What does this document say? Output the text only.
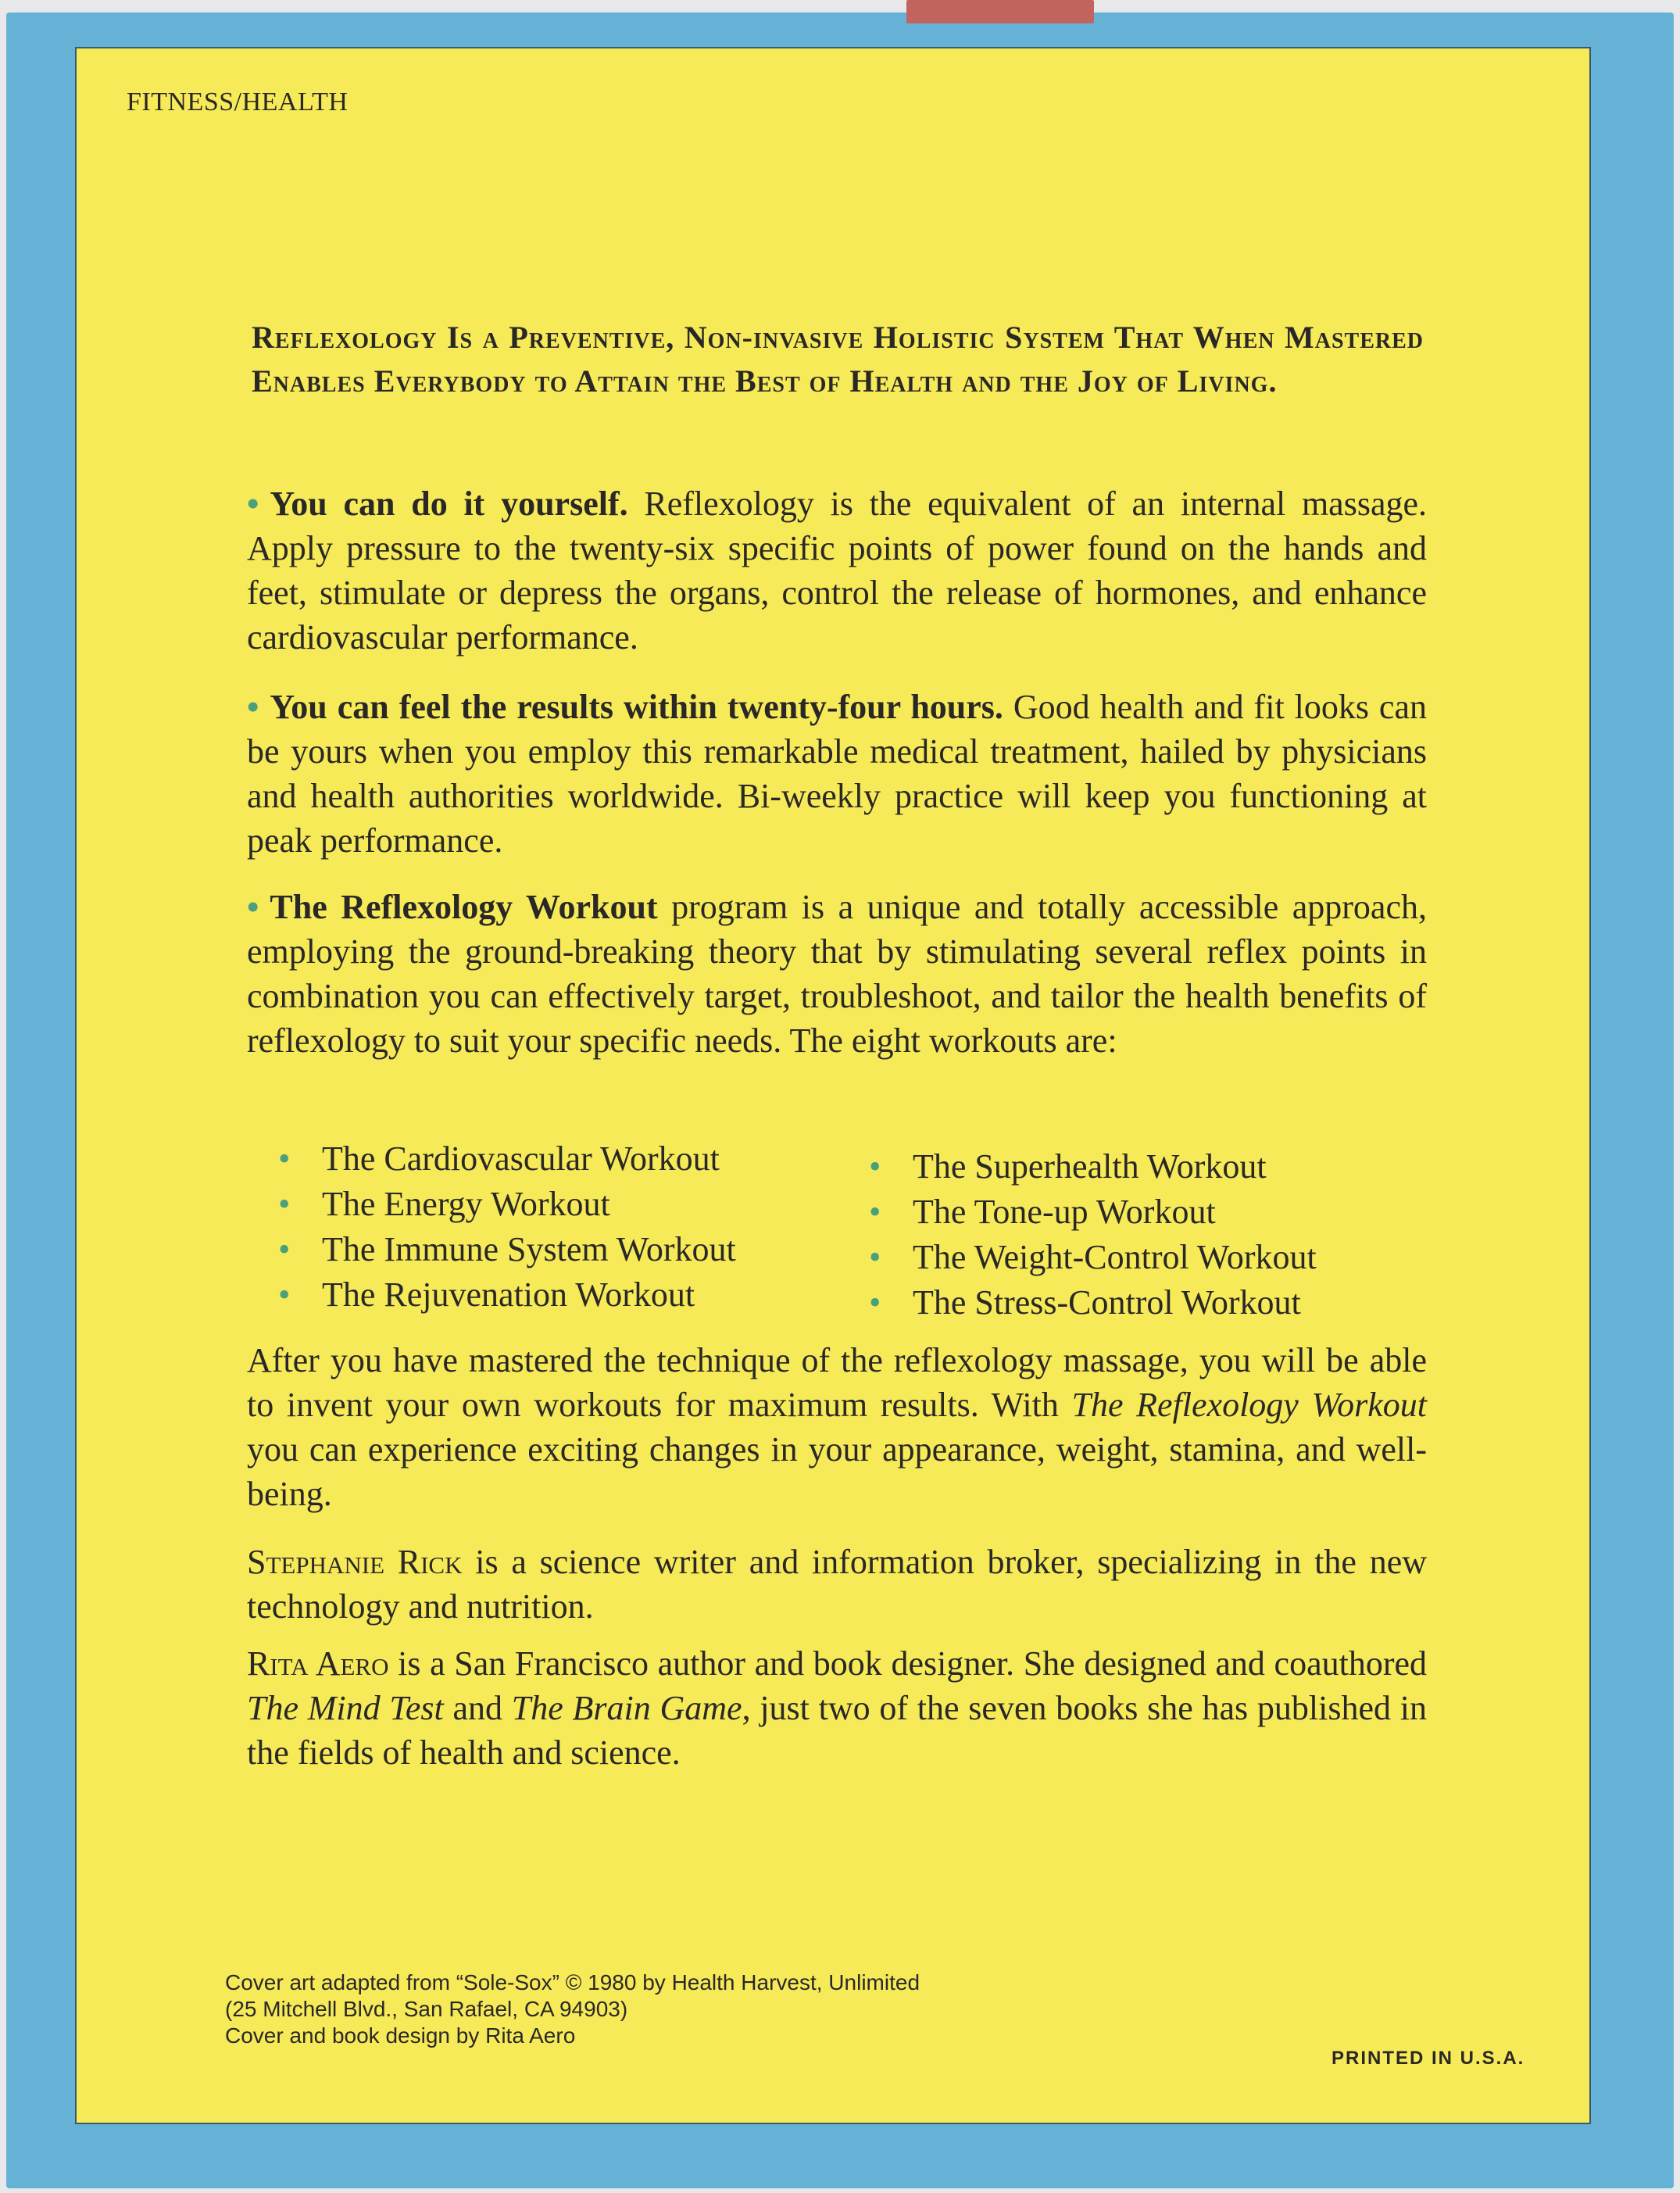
FITNESS/HEALTH

Reflexology Is a Preventive, Non-invasive Holistic System That When Mastered Enables Everybody to Attain the Best of Health and the Joy of Living.

• You can do it yourself. Reflexology is the equivalent of an internal massage. Apply pressure to the twenty-six specific points of power found on the hands and feet, stimulate or depress the organs, control the release of hormones, and enhance cardiovascular performance.

• You can feel the results within twenty-four hours. Good health and fit looks can be yours when you employ this remarkable medical treatment, hailed by physicians and health authorities worldwide. Bi-weekly practice will keep you functioning at peak performance.

• The Reflexology Workout program is a unique and totally accessible approach, employing the ground-breaking theory that by stimulating several reflex points in combination you can effectively target, troubleshoot, and tailor the health benefits of reflexology to suit your specific needs. The eight workouts are:

• The Cardiovascular Workout
• The Energy Workout
• The Immune System Workout
• The Rejuvenation Workout
• The Superhealth Workout
• The Tone-up Workout
• The Weight-Control Workout
• The Stress-Control Workout

After you have mastered the technique of the reflexology massage, you will be able to invent your own workouts for maximum results. With The Reflexology Workout you can experience exciting changes in your appearance, weight, stamina, and well-being.

Stephanie Rick is a science writer and information broker, specializing in the new technology and nutrition.

Rita Aero is a San Francisco author and book designer. She designed and coauthored The Mind Test and The Brain Game, just two of the seven books she has published in the fields of health and science.

Cover art adapted from “Sole-Sox” © 1980 by Health Harvest, Unlimited
(25 Mitchell Blvd., San Rafael, CA 94903)
Cover and book design by Rita Aero
PRINTED IN U.S.A.
